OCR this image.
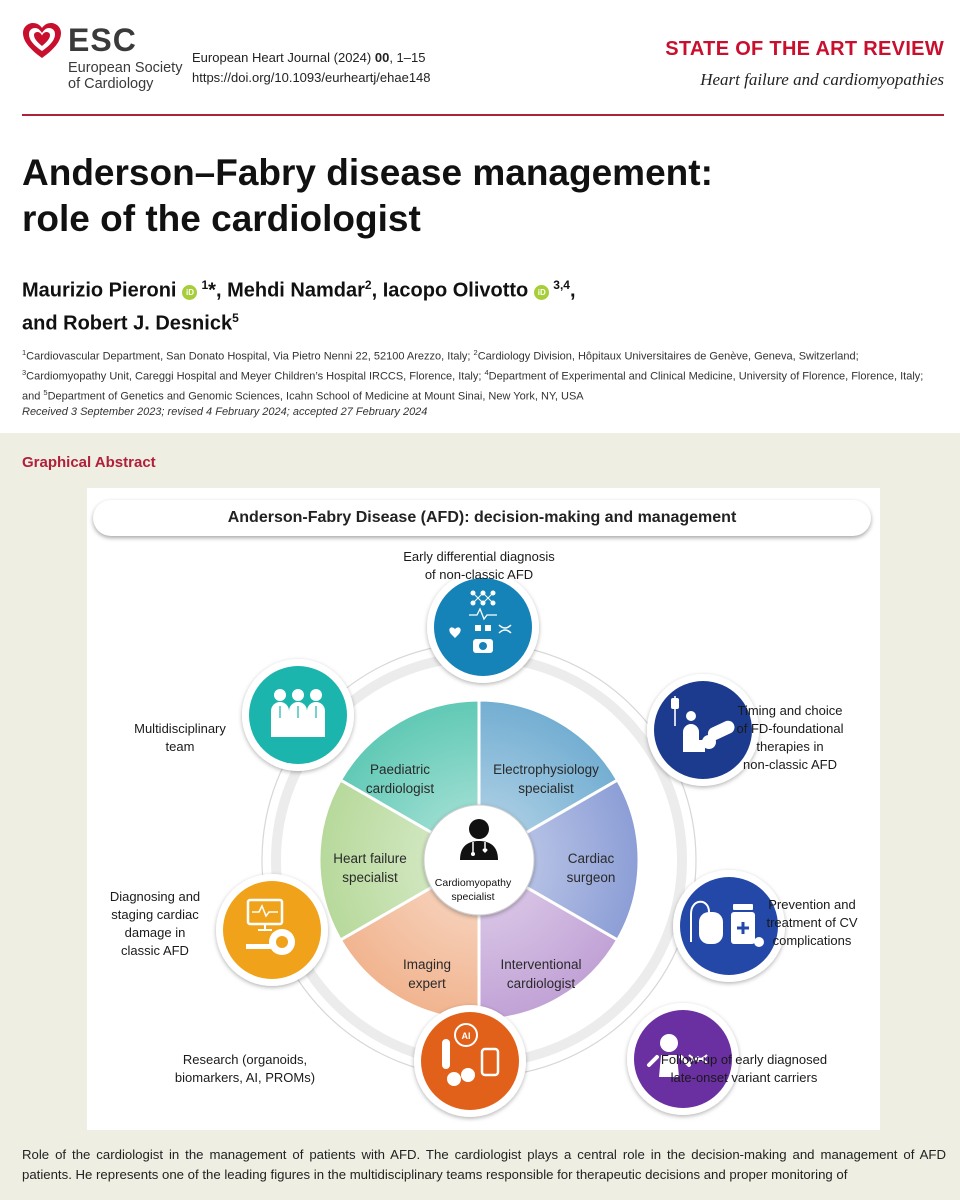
ESC
European Society of Cardiology
European Heart Journal (2024) 00, 1–15
https://doi.org/10.1093/eurheartj/ehae148
STATE OF THE ART REVIEW
Heart failure and cardiomyopathies
Anderson–Fabry disease management:
role of the cardiologist
Maurizio Pieroni $iD^1*$, Mehdi Namdar$^2$, Iacopo Olivotto iD$^{3,4}$,
and Robert J. Desnick$^5$
$^1$Cardiovascular Department, San Donato Hospital, Via Pietro Nenni 22, 52100 Arezzo, Italy; $^2$Cardiology Division, Hôpitaux Universitaires de Genève, Geneva, Switzerland;
$^3$Cardiomyopathy Unit, Careggi Hospital and Meyer Children’s Hospital IRCCS, Florence, Italy; $^4$Department of Experimental and Clinical Medicine, University of Florence, Florence, Italy;
and $^5$Department of Genetics and Genomic Sciences, Icahn School of Medicine at Mount Sinai, New York, NY, USA
Received 3 September 2023; revised 4 February 2024; accepted 27 February 2024
Graphical Abstract
AI
Anderson-Fabry Disease (AFD): decision-making and management
Cardiomyopathy
specialist
Paediatric
cardiologist
Electrophysiology
specialist
Cardiac
surgeon
Interventional
cardiologist
Imaging
expert
Heart failure
specialist
Early differential diagnosis
of non-classic AFD
Timing and choice
of FD-foundational
therapies in
non-classic AFD
Prevention and
treatment of CV
complications
Follow-up of early diagnosed
late-onset variant carriers
Research (organoids,
biomarkers, AI, PROMs)
Diagnosing and
staging cardiac
damage in
classic AFD
Multidisciplinary
team
Role of the cardiologist in the management of patients with AFD. The cardiologist plays a central role in the decision-making and management of AFD patients. He represents one of the leading figures in the multidisciplinary teams responsible for therapeutic decisions and proper monitoring of
